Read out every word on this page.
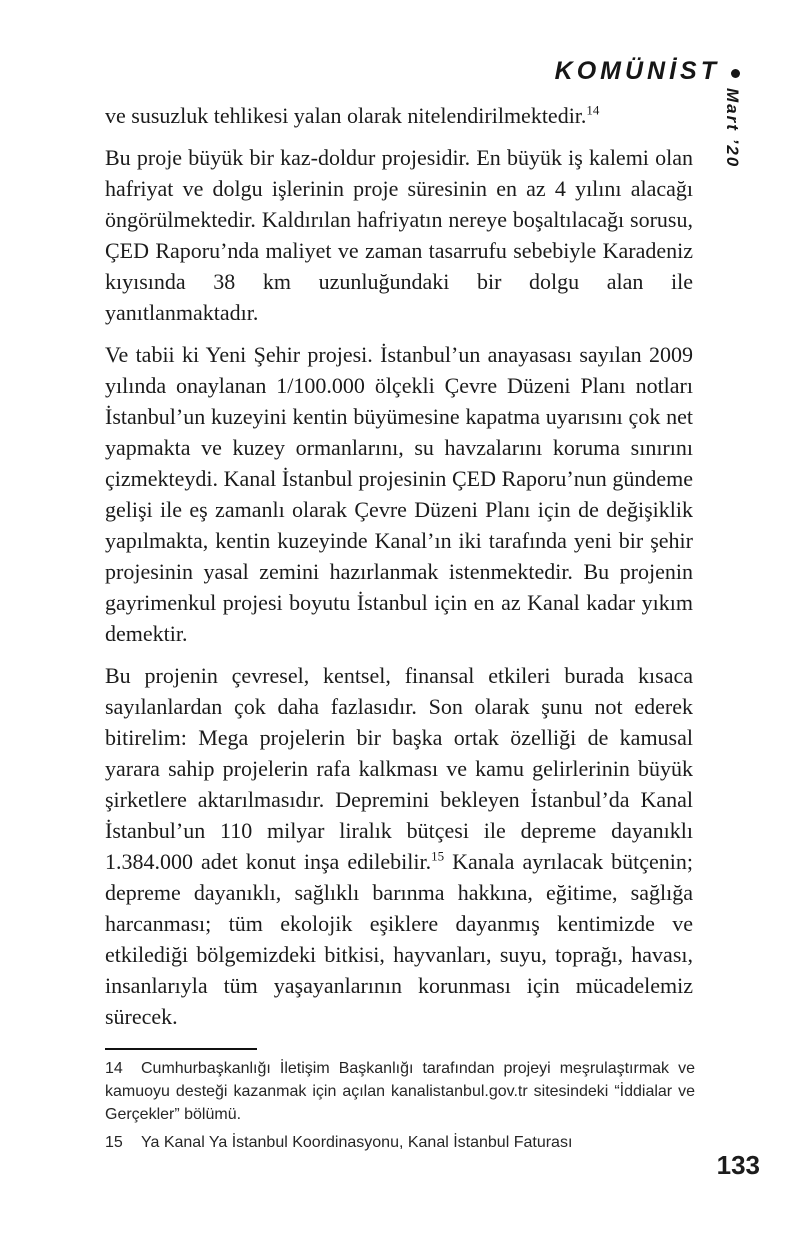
KOMÜNİST
Mart ’20

ve susuzluk tehlikesi yalan olarak nitelendirilmektedir.$^{14}$

Bu proje büyük bir kaz-doldur projesidir. En büyük iş kalemi olan hafriyat ve dolgu işlerinin proje süresinin en az 4 yılını alacağı öngörülmektedir. Kaldırılan hafriyatın nereye boşaltılacağı sorusu, ÇED Raporu’nda maliyet ve zaman tasarrufu sebebiyle Karadeniz kıyısında 38 km uzunluğundaki bir dolgu alan ile yanıtlanmaktadır.

Ve tabii ki Yeni Şehir projesi. İstanbul’un anayasası sayılan 2009 yılında onaylanan 1/100.000 ölçekli Çevre Düzeni Planı notları İstanbul’un kuzeyini kentin büyümesine kapatma uyarısını çok net yapmakta ve kuzey ormanlarını, su havzalarını koruma sınırını çizmekteydi. Kanal İstanbul projesinin ÇED Raporu’nun gündeme gelişi ile eş zamanlı olarak Çevre Düzeni Planı için de değişiklik yapılmakta, kentin kuzeyinde Kanal’ın iki tarafında yeni bir şehir projesinin yasal zemini hazırlanmak istenmektedir. Bu projenin gayrimenkul projesi boyutu İstanbul için en az Kanal kadar yıkım demektir.

Bu projenin çevresel, kentsel, finansal etkileri burada kısaca sayılanlardan çok daha fazlasıdır. Son olarak şunu not ederek bitirelim: Mega projelerin bir başka ortak özelliği de kamusal yarara sahip projelerin rafa kalkması ve kamu gelirlerinin büyük şirketlere aktarılmasıdır. Depremini bekleyen İstanbul’da Kanal İstanbul’un 110 milyar liralık bütçesi ile depreme dayanıklı 1.384.000 adet konut inşa edilebilir.$^{15}$ Kanala ayrılacak bütçenin; depreme dayanıklı, sağlıklı barınma hakkına, eğitime, sağlığa harcanması; tüm ekolojik eşiklere dayanmış kentimizde ve etkilediği bölgemizdeki bitkisi, hayvanları, suyu, toprağı, havası, insanlarıyla tüm yaşayanlarının korunması için mücadelemiz sürecek.

14 Cumhurbaşkanlığı İletişim Başkanlığı tarafından projeyi meşrulaştırmak ve kamuoyu desteği kazanmak için açılan kanalistanbul.gov.tr sitesindeki “İddialar ve Gerçekler” bölümü.

15 Ya Kanal Ya İstanbul Koordinasyonu, Kanal İstanbul Faturası

133
